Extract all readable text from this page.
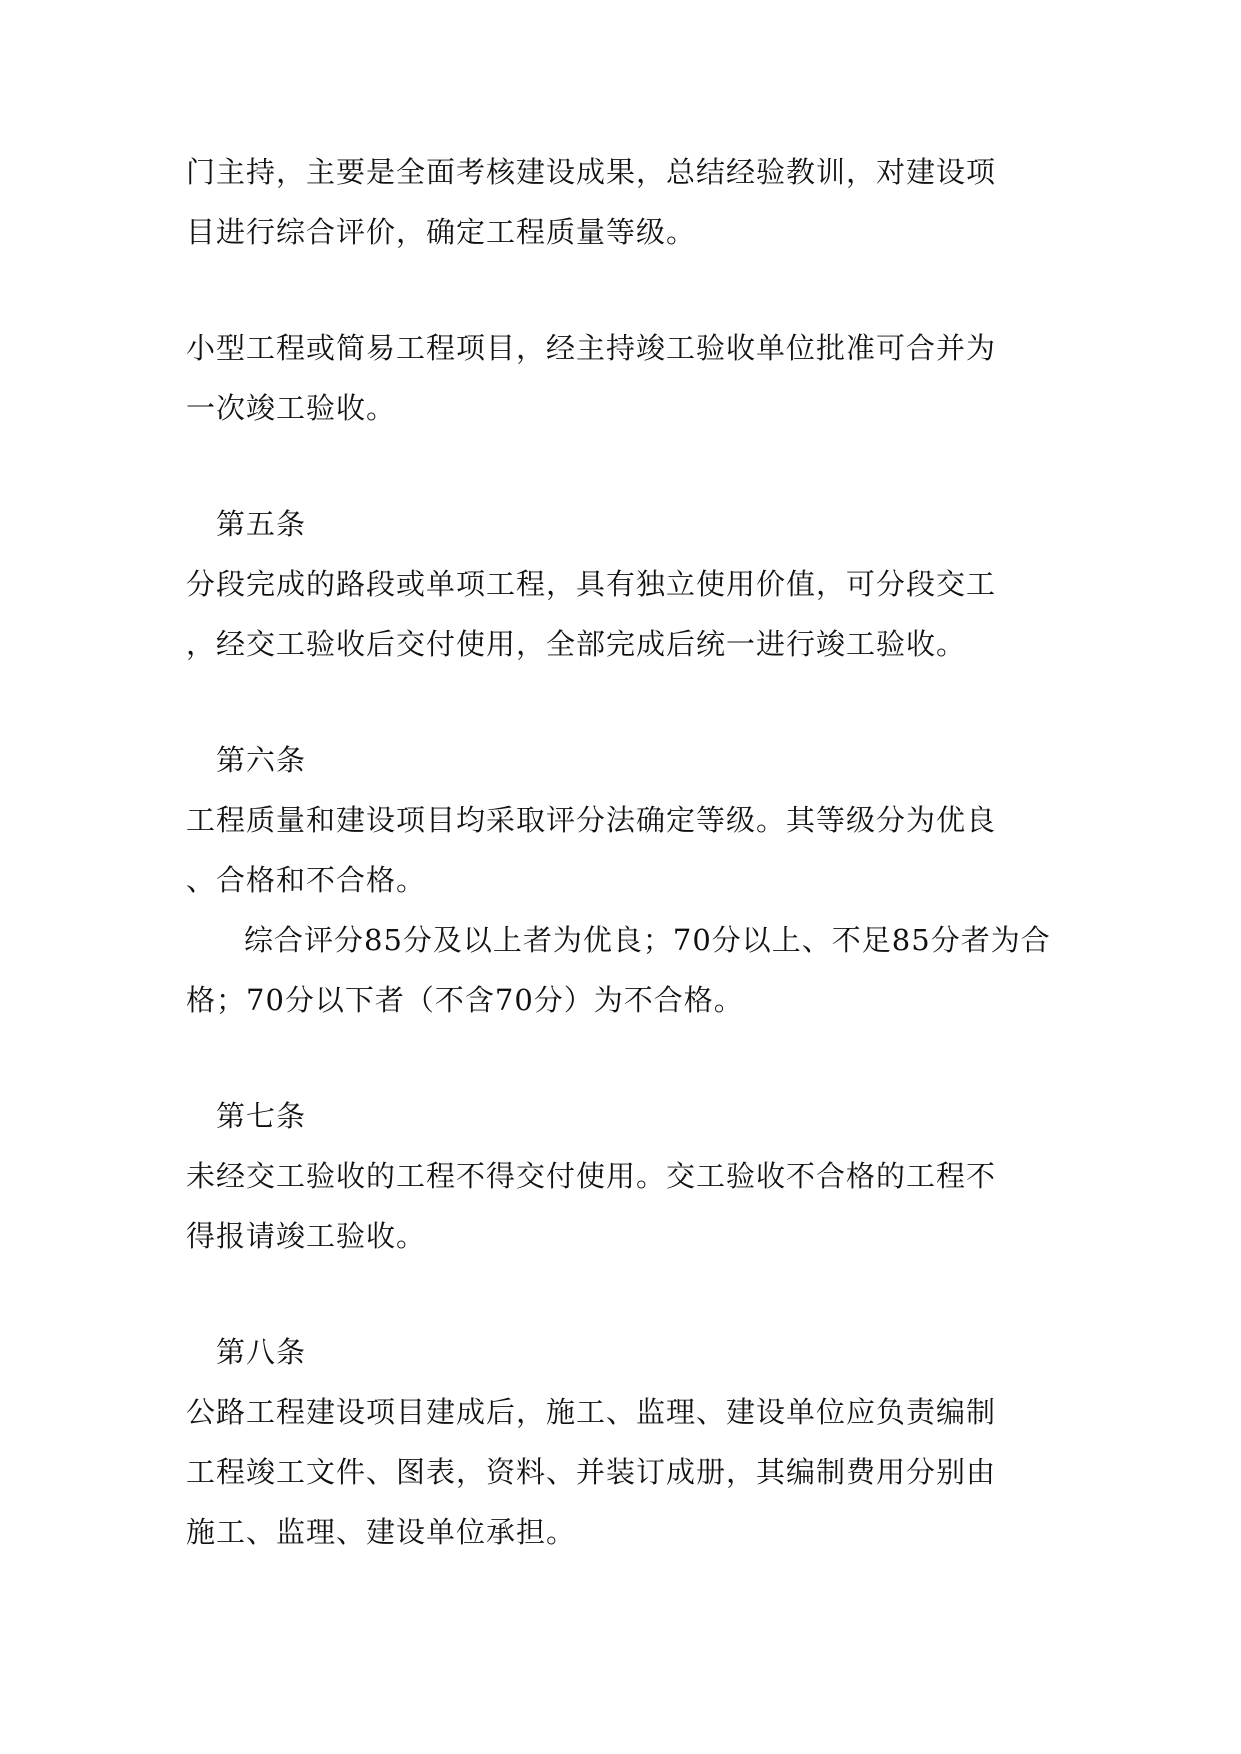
门主持，主要是全面考核建设成果，总结经验教训，对建设项

目进行综合评价，确定工程质量等级。

小型工程或简易工程项目，经主持竣工验收单位批准可合并为

一次竣工验收。

第五条

分段完成的路段或单项工程，具有独立使用价值，可分段交工

，经交工验收后交付使用，全部完成后统一进行竣工验收。

第六条

工程质量和建设项目均采取评分法确定等级。其等级分为优良

、合格和不合格。

综合评分85分及以上者为优良；70分以上、不足85分者为合

格；70分以下者（不含70分）为不合格。

第七条

未经交工验收的工程不得交付使用。交工验收不合格的工程不

得报请竣工验收。

第八条

公路工程建设项目建成后，施工、监理、建设单位应负责编制

工程竣工文件、图表，资料、并装订成册，其编制费用分别由

施工、监理、建设单位承担。
